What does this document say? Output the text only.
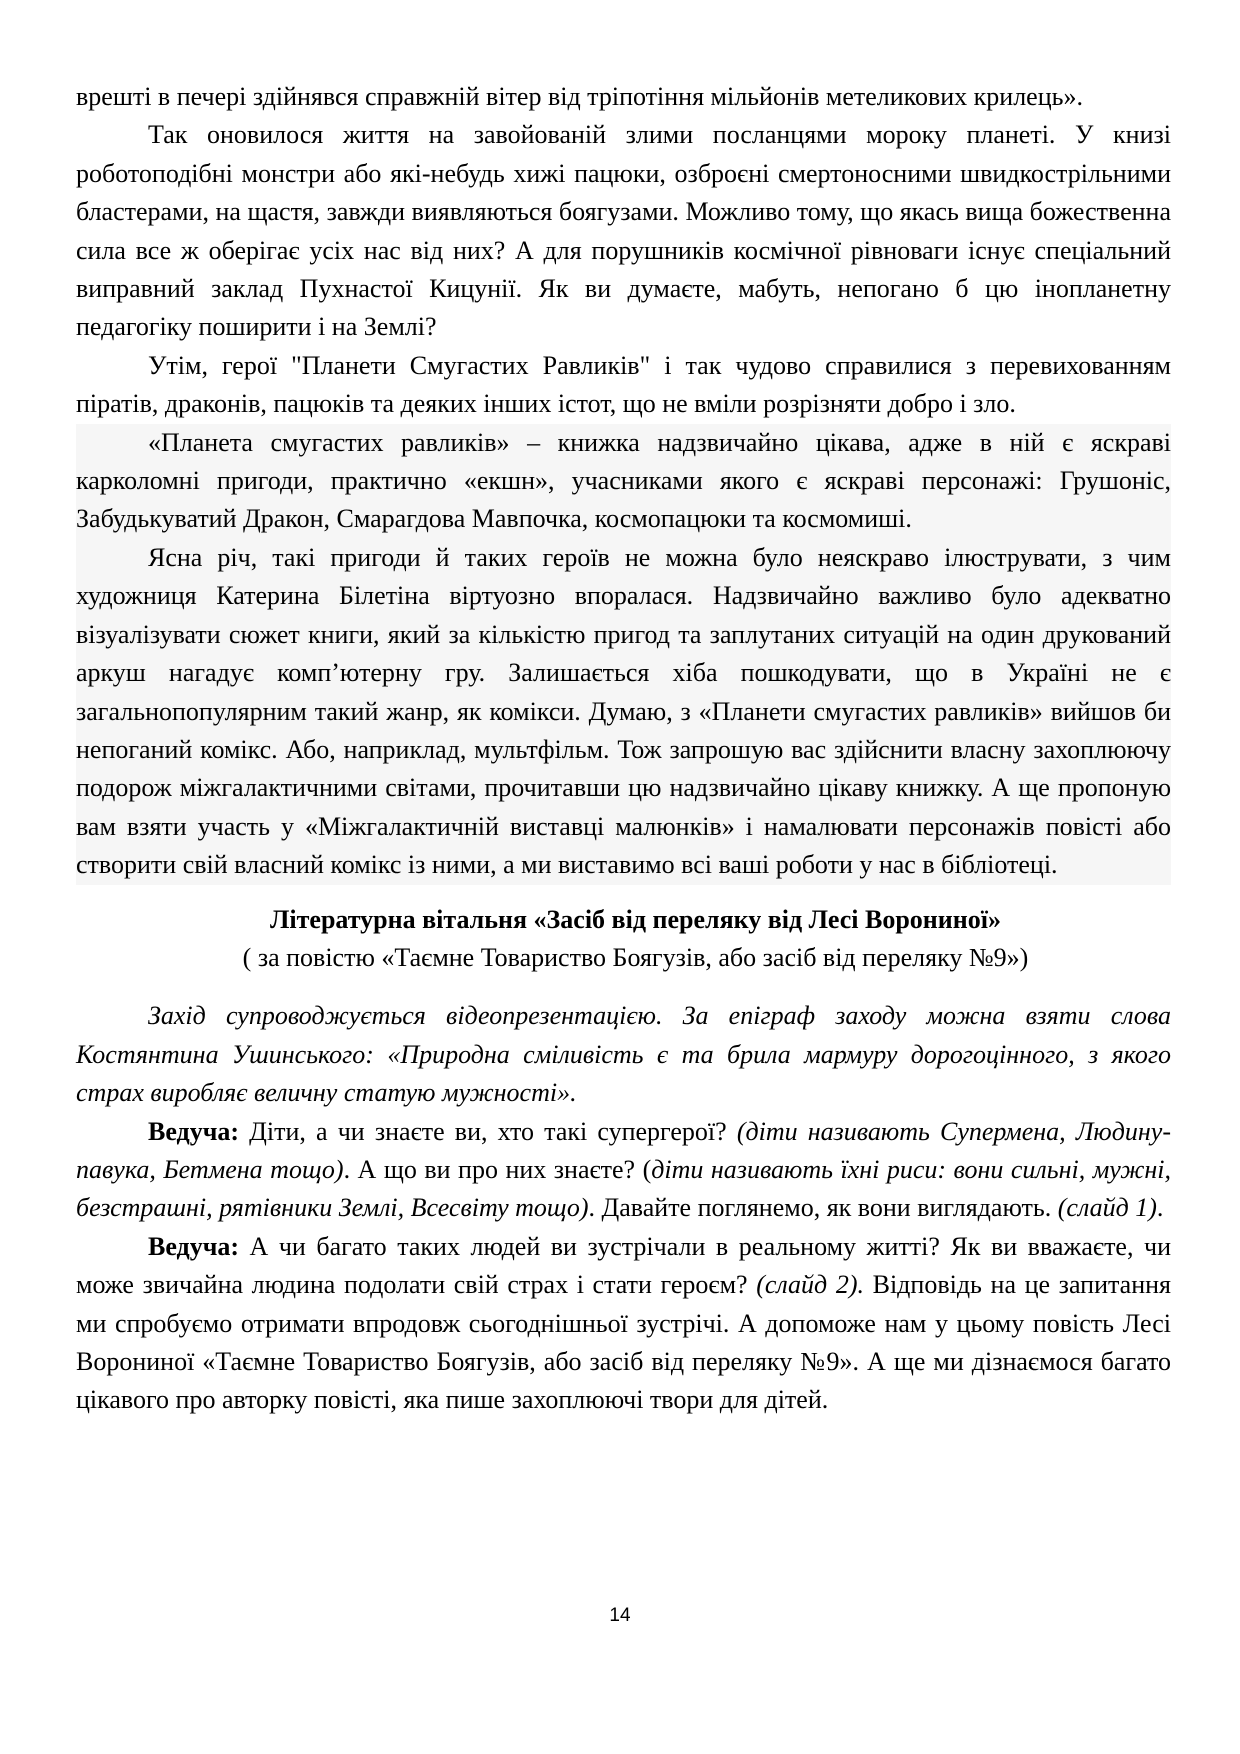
врешті в печері здійнявся справжній вітер від тріпотіння мільйонів метеликових крилець».

Так оновилося життя на завойованій злими посланцями мороку планеті. У книзі роботоподібні монстри або які-небудь хижі пацюки, озброєні смертоносними швидкострільними бластерами, на щастя, завжди виявляються боягузами. Можливо тому, що якась вища божественна сила все ж оберігає усіх нас від них? А для порушників космічної рівноваги існує спеціальний виправний заклад Пухнастої Кицунії. Як ви думаєте, мабуть, непогано б цю інопланетну педагогіку поширити і на Землі?

Утім, герої "Планети Смугастих Равликів" і так чудово справилися з перевихованням піратів, драконів, пацюків та деяких інших істот, що не вміли розрізняти добро і зло.

«Планета смугастих равликів» – книжка надзвичайно цікава, адже в ній є яскраві карколомні пригоди, практично «екшн», учасниками якого є яскраві персонажі: Грушоніс, Забудькуватий Дракон, Смарагдова Мавпочка, космопацюки та космомиші.

Ясна річ, такі пригоди й таких героїв не можна було неяскраво ілюструвати, з чим художниця Катерина Білетіна віртуозно впоралася. Надзвичайно важливо було адекватно візуалізувати сюжет книги, який за кількістю пригод та заплутаних ситуацій на один друкований аркуш нагадує комп’ютерну гру. Залишається хіба пошкодувати, що в Україні не є загальнопопулярним такий жанр, як комікси. Думаю, з «Планети смугастих равликів» вийшов би непоганий комікс. Або, наприклад, мультфільм. Тож запрошую вас здійснити власну захоплюючу подорож міжгалактичними світами, прочитавши цю надзвичайно цікаву книжку. А ще пропоную вам взяти участь у «Міжгалактичній виставці малюнків» і намалювати персонажів повісті або створити свій власний комікс із ними, а ми виставимо всі ваші роботи у нас в бібліотеці.

Літературна вітальня «Засіб від переляку від Лесі Ворониної»

( за повістю «Таємне Товариство Боягузів, або засіб від переляку №9»)

Захід супроводжується відеопрезентацією. За епіграф заходу можна взяти слова Костянтина Ушинського: «Природна сміливість є та брила мармуру дорогоцінного, з якого страх виробляє величну статую мужності».

Ведуча: Діти, а чи знаєте ви, хто такі супергерої? (діти називають Супермена, Людину-павука, Бетмена тощо). А що ви про них знаєте? (діти називають їхні риси: вони сильні, мужні, безстрашні, рятівники Землі, Всесвіту тощо). Давайте поглянемо, як вони виглядають. (слайд 1).

Ведуча: А чи багато таких людей ви зустрічали в реальному житті? Як ви вважаєте, чи може звичайна людина подолати свій страх і стати героєм? (слайд 2). Відповідь на це запитання ми спробуємо отримати впродовж сьогоднішньої зустрічі. А допоможе нам у цьому повість Лесі Ворониної «Таємне Товариство Боягузів, або засіб від переляку №9». А ще ми дізнаємося багато цікавого про авторку повісті, яка пише захоплюючі твори для дітей.

14
